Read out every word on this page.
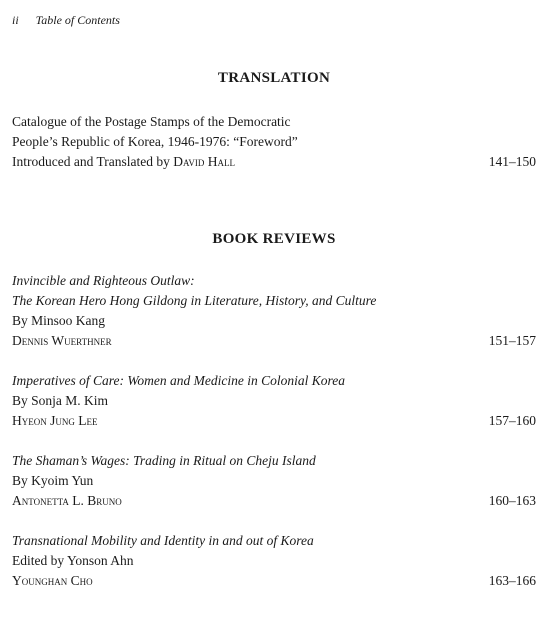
ii Table of Contents
TRANSLATION
Catalogue of the Postage Stamps of the Democratic
People’s Republic of Korea, 1946-1976: “Foreword”
Introduced and Translated by David Hall	141–150
BOOK REVIEWS
Invincible and Righteous Outlaw:
The Korean Hero Hong Gildong in Literature, History, and Culture
By Minsoo Kang
Dennis Wuerthner	151–157
Imperatives of Care: Women and Medicine in Colonial Korea
By Sonja M. Kim
Hyeon Jung Lee	157–160
The Shaman’s Wages: Trading in Ritual on Cheju Island
By Kyoim Yun
Antonetta L. Bruno	160–163
Transnational Mobility and Identity in and out of Korea
Edited by Yonson Ahn
Younghan Cho	163–166
